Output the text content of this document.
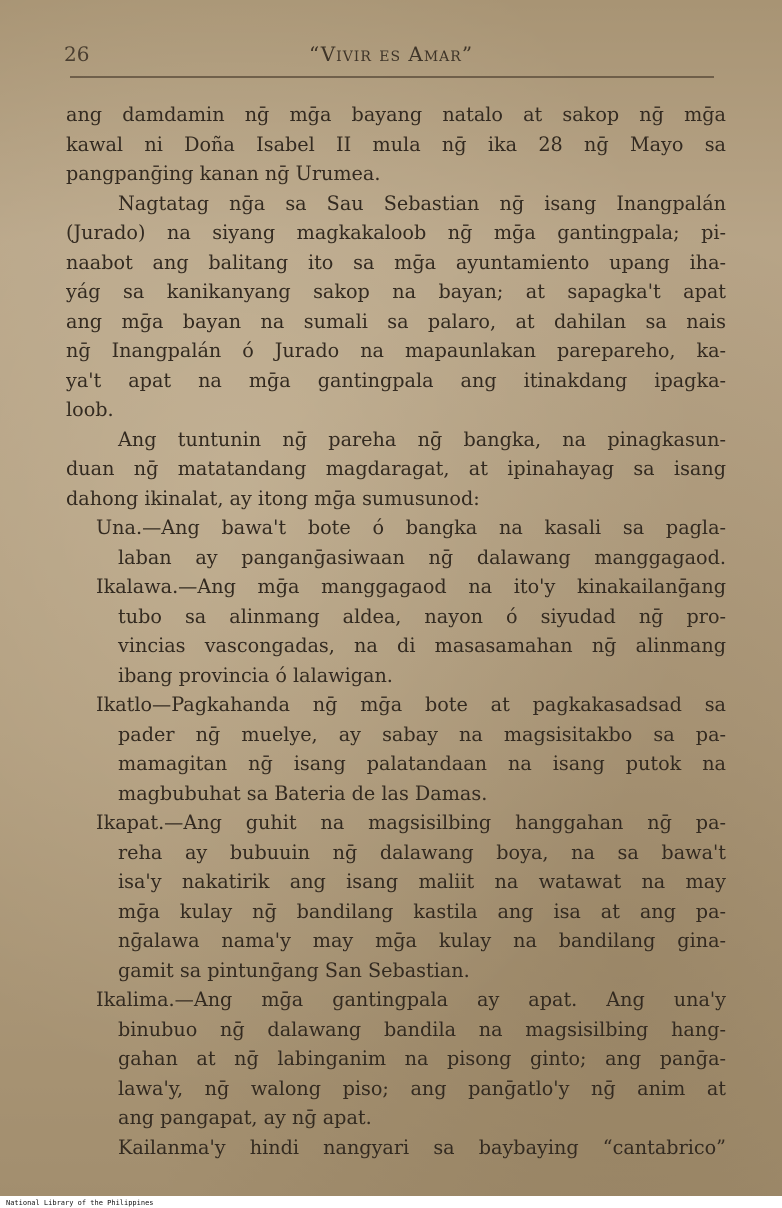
26	“Vivir es Amar”
ang damdamin nḡ mḡa bayang natalo at sakop nḡ mḡa
kawal ni Doña Isabel II mula nḡ ika 28 nḡ Mayo sa
pangpanḡing kanan nḡ Urumea.
Nagtatag nḡa sa Sau Sebastian nḡ isang Inangpalán
(Jurado) na siyang magkakaloob nḡ mḡa gantingpala; pi-
naabot ang balitang ito sa mḡa ayuntamiento upang iha-
yág sa kanikanyang sakop na bayan; at sapagka't apat
ang mḡa bayan na sumali sa palaro, at dahilan sa nais
nḡ Inangpalán ó Jurado na mapaunlakan parepareho, ka-
ya't apat na mḡa gantingpala ang itinakdang ipagka-
loob.
Ang tuntunin nḡ pareha nḡ bangka, na pinagkasun-
duan nḡ matatandang magdaragat, at ipinahayag sa isang
dahong ikinalat, ay itong mḡa sumusunod:
Una.—Ang bawa't bote ó bangka na kasali sa pagla-
laban ay panganḡasiwaan nḡ dalawang manggagaod.
Ikalawa.—Ang mḡa manggagaod na ito'y kinakailanḡang
tubo sa alinmang aldea, nayon ó siyudad nḡ pro-
vincias vascongadas, na di masasamahan nḡ alinmang
ibang provincia ó lalawigan.
Ikatlo—Pagkahanda nḡ mḡa bote at pagkakasadsad sa
pader nḡ muelye, ay sabay na magsisitakbo sa pa-
mamagitan nḡ isang palatandaan na isang putok na
magbubuhat sa Bateria de las Damas.
Ikapat.—Ang guhit na magsisilbing hanggahan nḡ pa-
reha ay bubuuin nḡ dalawang boya, na sa bawa't
isa'y nakatirik ang isang maliit na watawat na may
mḡa kulay nḡ bandilang kastila ang isa at ang pa-
nḡalawa nama'y may mḡa kulay na bandilang gina-
gamit sa pintunḡang San Sebastian.
Ikalima.—Ang mḡa gantingpala ay apat. Ang una'y
binubuo nḡ dalawang bandila na magsisilbing hang-
gahan at nḡ labinganim na pisong ginto; ang panḡa-
lawa'y, nḡ walong piso; ang panḡatlo'y nḡ anim at
ang pangapat, ay nḡ apat.
Kailanma'y hindi nangyari sa baybaying “cantabrico”
National Library of the Philippines
